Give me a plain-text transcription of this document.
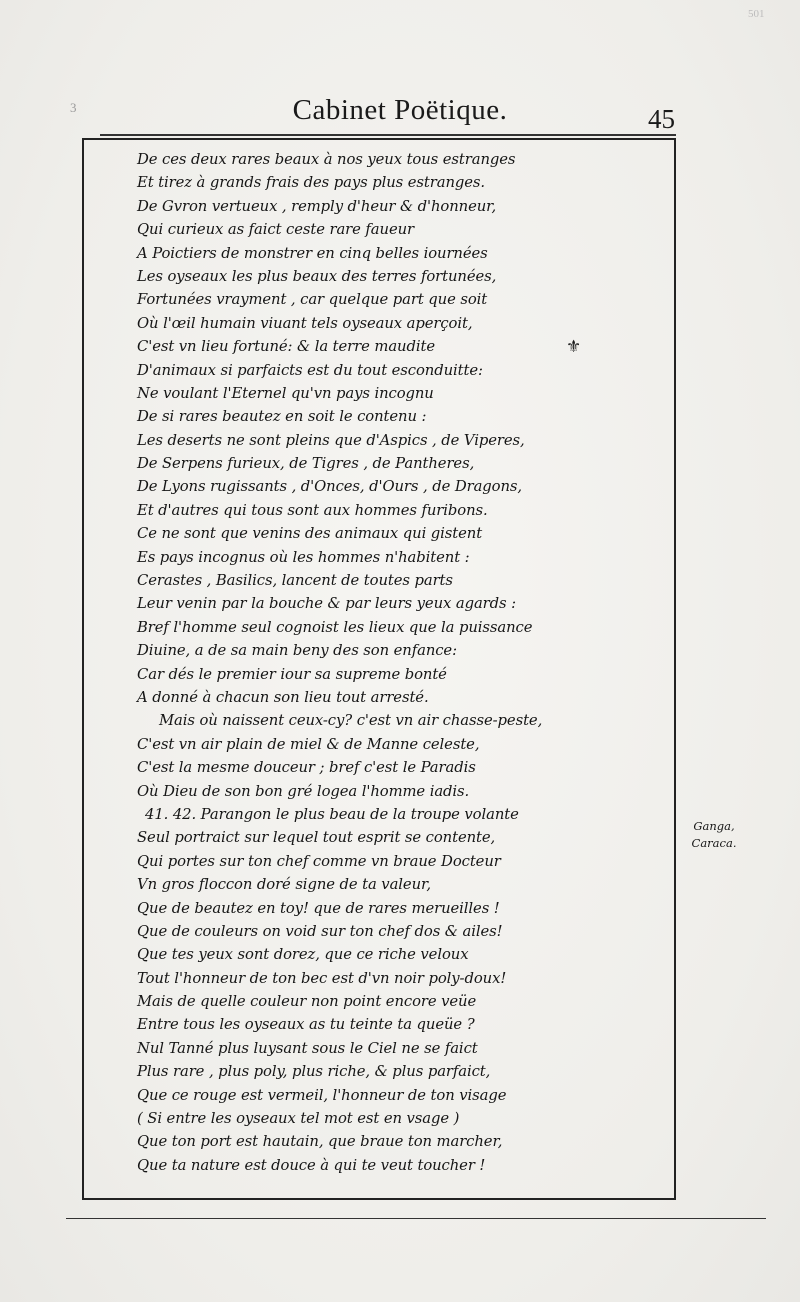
501
3	Cabinet Poëtique.	45
De ces deux rares beaux à nos yeux tous estranges
Et tirez à grands frais des pays plus estranges.
De Gvron vertueux , remply d'heur & d'honneur,
Qui curieux as faict ceste rare faueur
A Poictiers de monstrer en cinq belles iournées
Les oyseaux les plus beaux des terres fortunées,
Fortunées vrayment , car quelque part que soit
Où l'œil humain viuant tels oyseaux aperçoit,
C'est vn lieu fortuné: & la terre maudite
D'animaux si parfaicts est du tout esconduitte:
Ne voulant l'Eternel qu'vn pays incognu
De si rares beautez en soit le contenu :
Les deserts ne sont pleins que d'Aspics , de Viperes,
De Serpens furieux, de Tigres , de Pantheres,
De Lyons rugissants , d'Onces, d'Ours , de Dragons,
Et d'autres qui tous sont aux hommes furibons.
Ce ne sont que venins des animaux qui gistent
Es pays incognus où les hommes n'habitent :
Cerastes , Basilics, lancent de toutes parts
Leur venin par la bouche & par leurs yeux agards :
Bref l'homme seul cognoist les lieux que la puissance
Diuine, a de sa main beny des son enfance:
Car dés le premier iour sa supreme bonté
A donné à chacun son lieu tout arresté.
Mais où naissent ceux-cy? c'est vn air chasse-peste,
C'est vn air plain de miel & de Manne celeste,
C'est la mesme douceur ; bref c'est le Paradis
Où Dieu de son bon gré logea l'homme iadis.
41. 42. Parangon le plus beau de la troupe volante
Seul portraict sur lequel tout esprit se contente,
Qui portes sur ton chef comme vn braue Docteur
Vn gros floccon doré signe de ta valeur,
Que de beautez en toy! que de rares merueilles !
Que de couleurs on void sur ton chef dos & ailes!
Que tes yeux sont dorez, que ce riche veloux
Tout l'honneur de ton bec est d'vn noir poly-doux!
Mais de quelle couleur non point encore veüe
Entre tous les oyseaux as tu teinte ta queüe ?
Nul Tanné plus luysant sous le Ciel ne se faict
Plus rare , plus poly, plus riche, & plus parfaict,
Que ce rouge est vermeil, l'honneur de ton visage
( Si entre les oyseaux tel mot est en vsage )
Que ton port est hautain, que braue ton marcher,
Que ta nature est douce à qui te veut toucher !
⚜
Ganga,
Caraca.
